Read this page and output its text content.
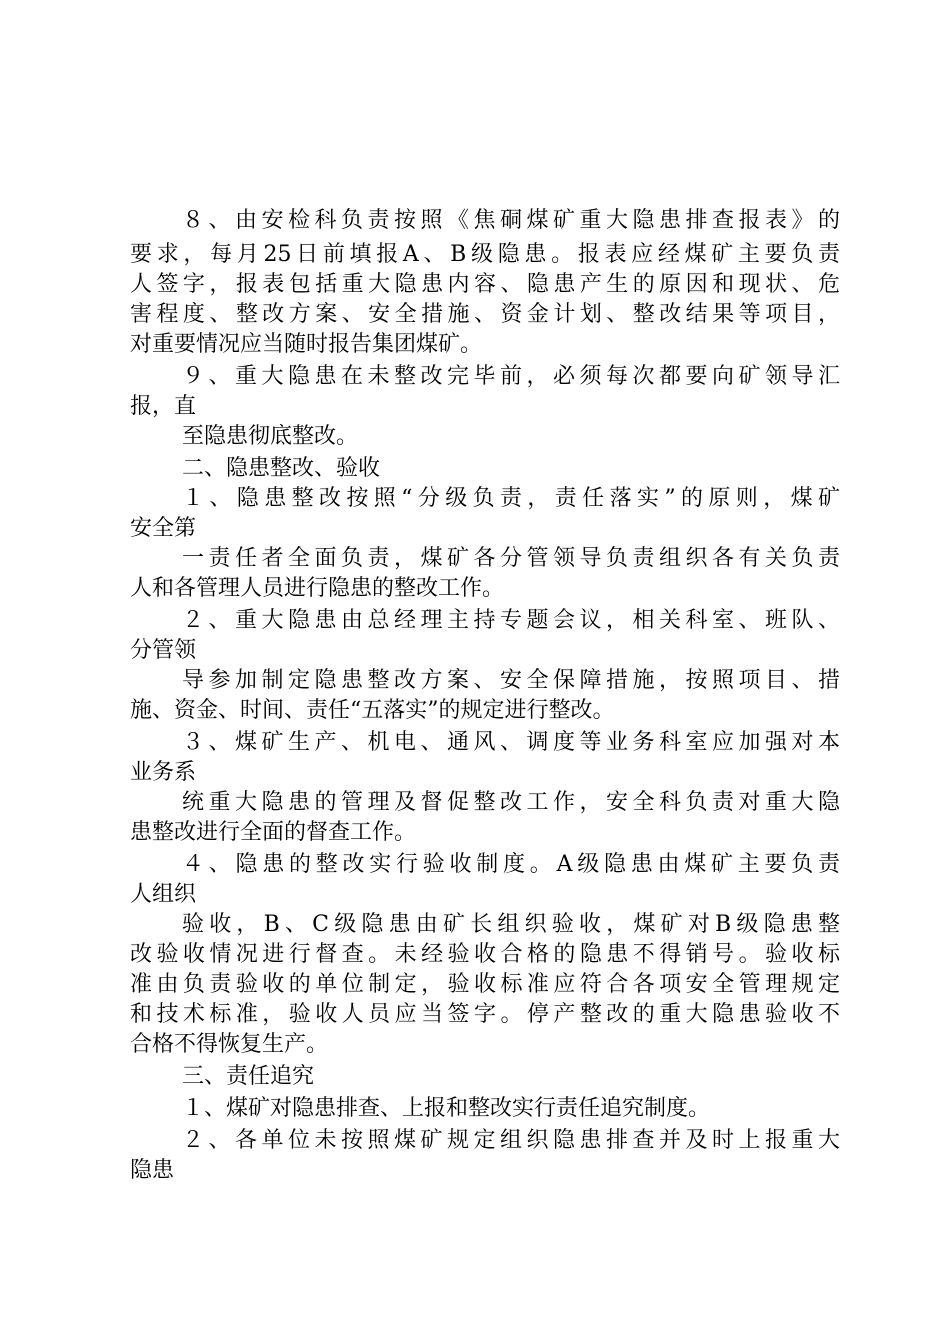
８、由安检科负责按照《焦硐煤矿重大隐患排查报表》的
要求，每月25日前填报A、B级隐患。报表应经煤矿主要负责
人签字，报表包括重大隐患内容、隐患产生的原因和现状、危
害程度、整改方案、安全措施、资金计划、整改结果等项目，
对重要情况应当随时报告集团煤矿。
９、重大隐患在未整改完毕前，必须每次都要向矿领导汇
报，直
至隐患彻底整改。
二、隐患整改、验收
１、隐患整改按照“分级负责，责任落实”的原则，煤矿
安全第
一责任者全面负责，煤矿各分管领导负责组织各有关负责
人和各管理人员进行隐患的整改工作。
２、重大隐患由总经理主持专题会议，相关科室、班队、
分管领
导参加制定隐患整改方案、安全保障措施，按照项目、措
施、资金、时间、责任“五落实”的规定进行整改。
３、煤矿生产、机电、通风、调度等业务科室应加强对本
业务系
统重大隐患的管理及督促整改工作，安全科负责对重大隐
患整改进行全面的督查工作。
４、隐患的整改实行验收制度。A级隐患由煤矿主要负责
人组织
验收，B、C级隐患由矿长组织验收，煤矿对B级隐患整
改验收情况进行督查。未经验收合格的隐患不得销号。验收标
准由负责验收的单位制定，验收标准应符合各项安全管理规定
和技术标准，验收人员应当签字。停产整改的重大隐患验收不
合格不得恢复生产。
三、责任追究
１、煤矿对隐患排查、上报和整改实行责任追究制度。
２、各单位未按照煤矿规定组织隐患排查并及时上报重大
隐患
